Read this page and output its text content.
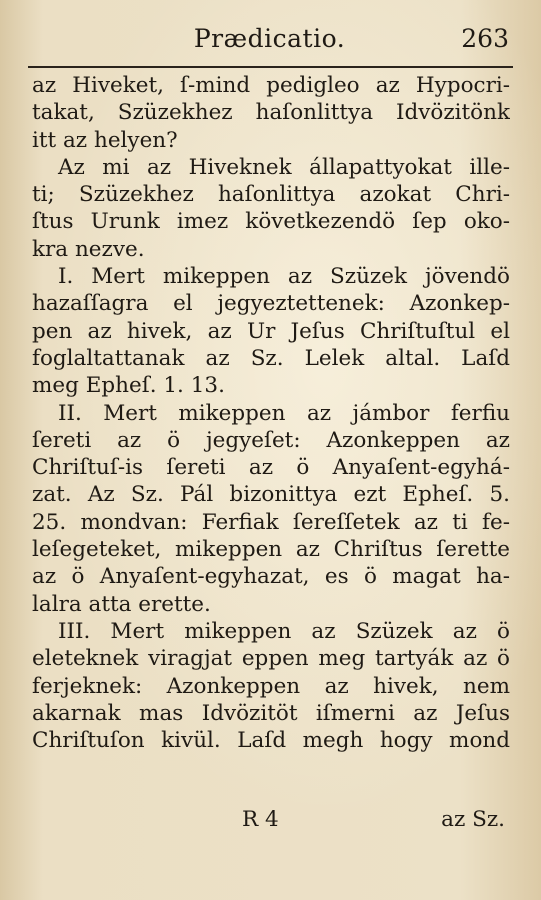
Prædicatio.	263
az Hiveket, ſ-mind pedigleo az Hypocri-
takat, Szüzekhez haſonlittya Idvözitönk
itt az helyen?
Az mi az Hiveknek állapattyokat ille-
ti; Szüzekhez haſonlittya azokat Chri-
ſtus Urunk imez következendö ſep oko-
kra nezve.
I. Mert mikeppen az Szüzek jövendö
hazaſſagra el jegyeztettenek: Azonkep-
pen az hivek, az Ur Jeſus Chriſtuſtul el
foglaltattanak az Sz. Lelek altal. Laſd
meg Epheſ. 1. 13.
II. Mert mikeppen az jámbor ferfiu
ſereti az ö jegyeſet: Azonkeppen az
Chriſtuſ-is ſereti az ö Anyaſent-egyhá-
zat. Az Sz. Pál bizonittya ezt Epheſ. 5.
25. mondvan: Ferfiak ſereſſetek az ti fe-
leſegeteket, mikeppen az Chriſtus ſerette
az ö Anyaſent-egyhazat, es ö magat ha-
lalra atta erette.
III. Mert mikeppen az Szüzek az ö
eleteknek viragjat eppen meg tartyák az ö
ferjeknek: Azonkeppen az hivek, nem
akarnak mas Idvözitöt iſmerni az Jeſus
Chriſtuſon kivül. Laſd megh hogy mond
R 4	az Sz.
